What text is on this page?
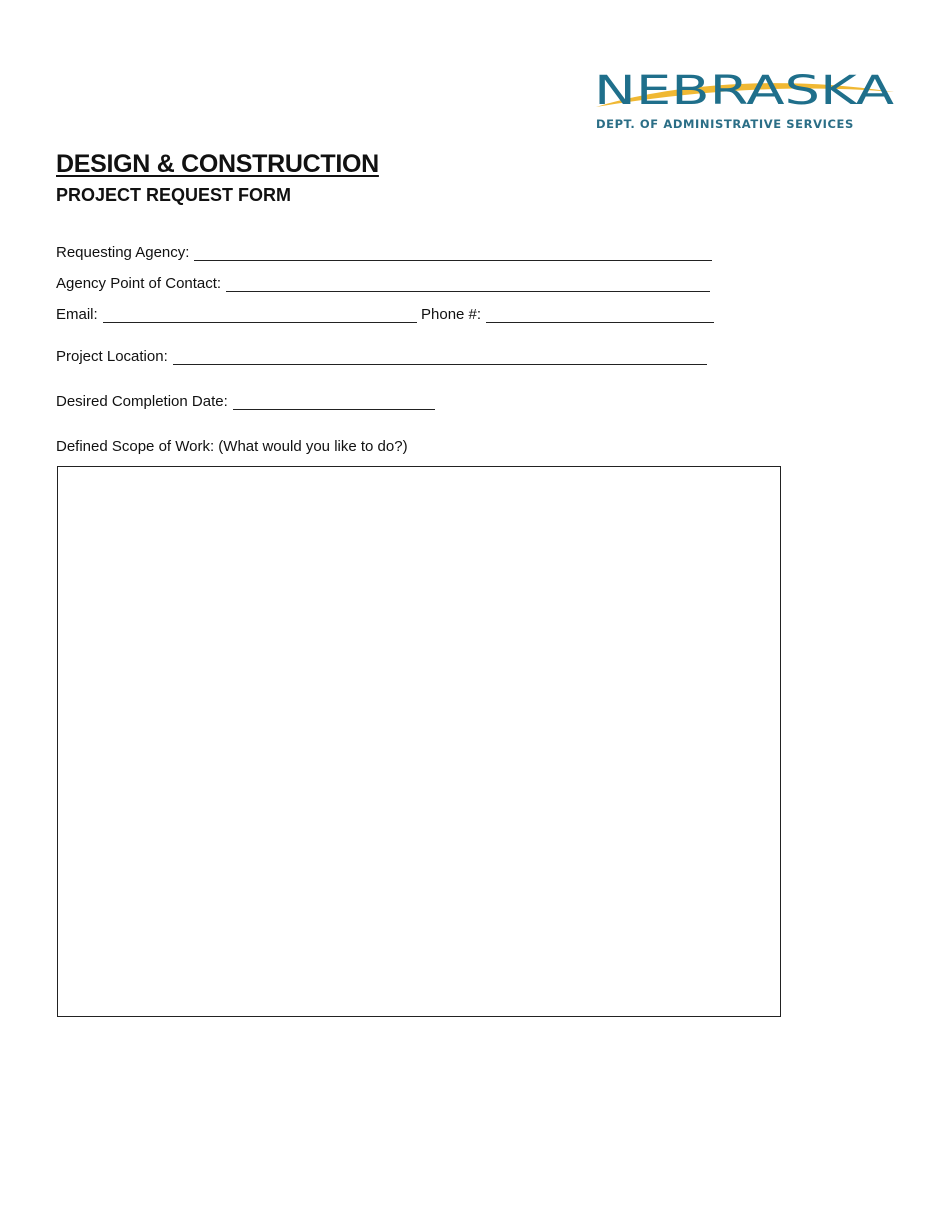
NEBRASKA
DEPT. OF ADMINISTRATIVE SERVICES
DESIGN & CONSTRUCTION
PROJECT REQUEST FORM
Requesting Agency:
Agency Point of Contact:
Email:	Phone #:
Project Location:
Desired Completion Date:
Defined Scope of Work: (What would you like to do?)
